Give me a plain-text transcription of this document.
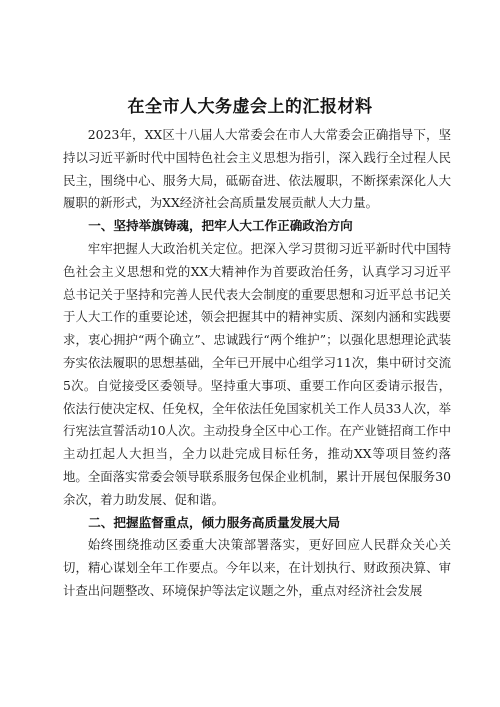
在全市人大务虚会上的汇报材料

2023年，XX区十八届人大常委会在市人大常委会正确指导下，坚持以习近平新时代中国特色社会主义思想为指引，深入践行全过程人民民主，围绕中心、服务大局，砥砺奋进、依法履职，不断探索深化人大履职的新形式，为XX经济社会高质量发展贡献人大力量。

一、坚持举旗铸魂，把牢人大工作正确政治方向

牢牢把握人大政治机关定位。把深入学习贯彻习近平新时代中国特色社会主义思想和党的XX大精神作为首要政治任务，认真学习习近平总书记关于坚持和完善人民代表大会制度的重要思想和习近平总书记关于人大工作的重要论述，领会把握其中的精神实质、深刻内涵和实践要求，衷心拥护“两个确立”、忠诚践行“两个维护”；以强化思想理论武装夯实依法履职的思想基础，全年已开展中心组学习11次，集中研讨交流5次。自觉接受区委领导。坚持重大事项、重要工作向区委请示报告，依法行使决定权、任免权，全年依法任免国家机关工作人员33人次，举行宪法宣誓活动10人次。主动投身全区中心工作。在产业链招商工作中主动扛起人大担当，全力以赴完成目标任务，推动XX等项目签约落地。全面落实常委会领导联系服务包保企业机制，累计开展包保服务30余次，着力助发展、促和谐。

二、把握监督重点，倾力服务高质量发展大局

始终围绕推动区委重大决策部署落实，更好回应人民群众关心关切，精心谋划全年工作要点。今年以来，在计划执行、财政预决算、审计查出问题整改、环境保护等法定议题之外，重点对经济社会发展
